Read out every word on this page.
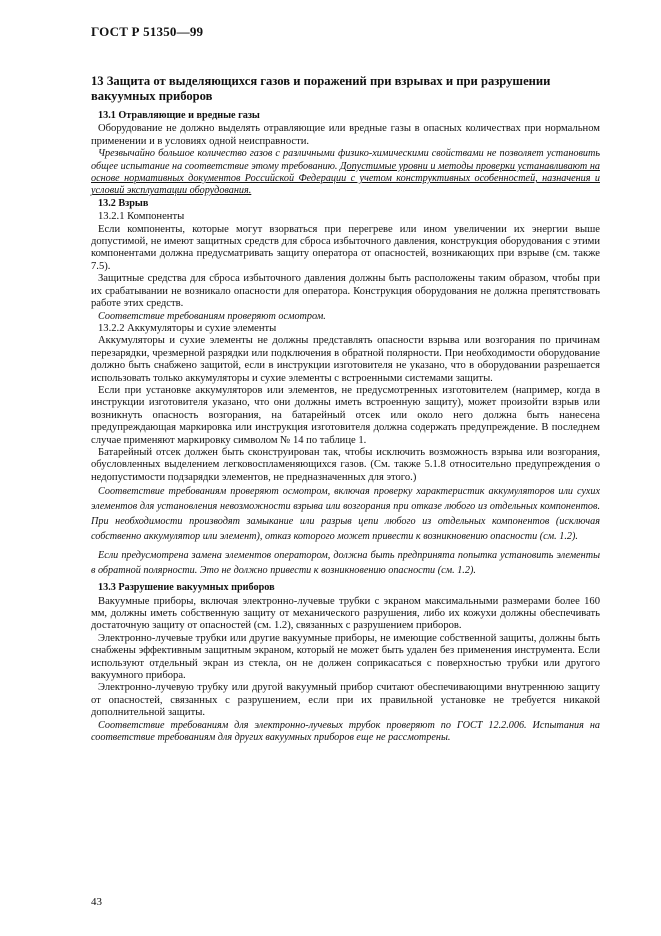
ГОСТ Р 51350—99
13 Защита от выделяющихся газов и поражений при взрывах и при разрушении вакуумных приборов
13.1 Отравляющие и вредные газы

Оборудование не должно выделять отравляющие или вредные газы в опасных количествах при нормальном применении и в условиях одной неисправности.

Чрезвычайно большое количество газов с различными физико-химическими свойствами не позволяет установить общее испытание на соответствие этому требованию. Допустимые уровни и методы проверки устанавливают на основе нормативных документов Российской Федерации с учетом конструктивных особенностей, назначения и условий эксплуатации оборудования.

13.2 Взрыв
13.2.1 Компоненты

Если компоненты, которые могут взорваться при перегреве или ином увеличении их энергии выше допустимой, не имеют защитных средств для сброса избыточного давления, конструкция оборудования с этими компонентами должна предусматривать защиту оператора от опасностей, возникающих при взрыве (см. также 7.5).

Защитные средства для сброса избыточного давления должны быть расположены таким образом, чтобы при их срабатывании не возникало опасности для оператора. Конструкция оборудования не должна препятствовать работе этих средств.

Соответствие требованиям проверяют осмотром.

13.2.2 Аккумуляторы и сухие элементы

Аккумуляторы и сухие элементы не должны представлять опасности взрыва или возгорания по причинам перезарядки, чрезмерной разрядки или подключения в обратной полярности. При необходимости оборудование должно быть снабжено защитой, если в инструкции изготовителя не указано, что в оборудовании разрешается использовать только аккумуляторы и сухие элементы с встроенными системами защиты.

Если при установке аккумуляторов или элементов, не предусмотренных изготовителем (например, когда в инструкции изготовителя указано, что они должны иметь встроенную защиту), может произойти взрыв или возникнуть опасность возгорания, на батарейный отсек или около него должна быть нанесена предупреждающая маркировка или инструкция изготовителя должна содержать предупреждение. В последнем случае применяют маркировку символом № 14 по таблице 1.

Батарейный отсек должен быть сконструирован так, чтобы исключить возможность взрыва или возгорания, обусловленных выделением легковоспламеняющихся газов. (См. также 5.1.8 относительно предупреждения о недопустимости подзарядки элементов, не предназначенных для этого.)

Соответствие требованиям проверяют осмотром, включая проверку характеристик аккумуляторов или сухих элементов для установления невозможности взрыва или возгорания при отказе любого из отдельных компонентов. При необходимости производят замыкание или разрыв цепи любого из отдельных компонентов (исключая собственно аккумулятор или элемент), отказ которого может привести к возникновению опасности (см. 1.2).

Если предусмотрена замена элементов оператором, должна быть предпринята попытка установить элементы в обратной полярности. Это не должно привести к возникновению опасности (см. 1.2).

13.3 Разрушение вакуумных приборов

Вакуумные приборы, включая электронно-лучевые трубки с экраном максимальными размерами более 160 мм, должны иметь собственную защиту от механического разрушения, либо их кожухи должны обеспечивать достаточную защиту от опасностей (см. 1.2), связанных с разрушением приборов.

Электронно-лучевые трубки или другие вакуумные приборы, не имеющие собственной защиты, должны быть снабжены эффективным защитным экраном, который не может быть удален без применения инструмента. Если используют отдельный экран из стекла, он не должен соприкасаться с поверхностью трубки или другого вакуумного прибора.

Электронно-лучевую трубку или другой вакуумный прибор считают обеспечивающими внутреннюю защиту от опасностей, связанных с разрушением, если при их правильной установке не требуется никакой дополнительной защиты.

Соответствие требованиям для электронно-лучевых трубок проверяют по ГОСТ 12.2.006. Испытания на соответствие требованиям для других вакуумных приборов еще не рассмотрены.

43
